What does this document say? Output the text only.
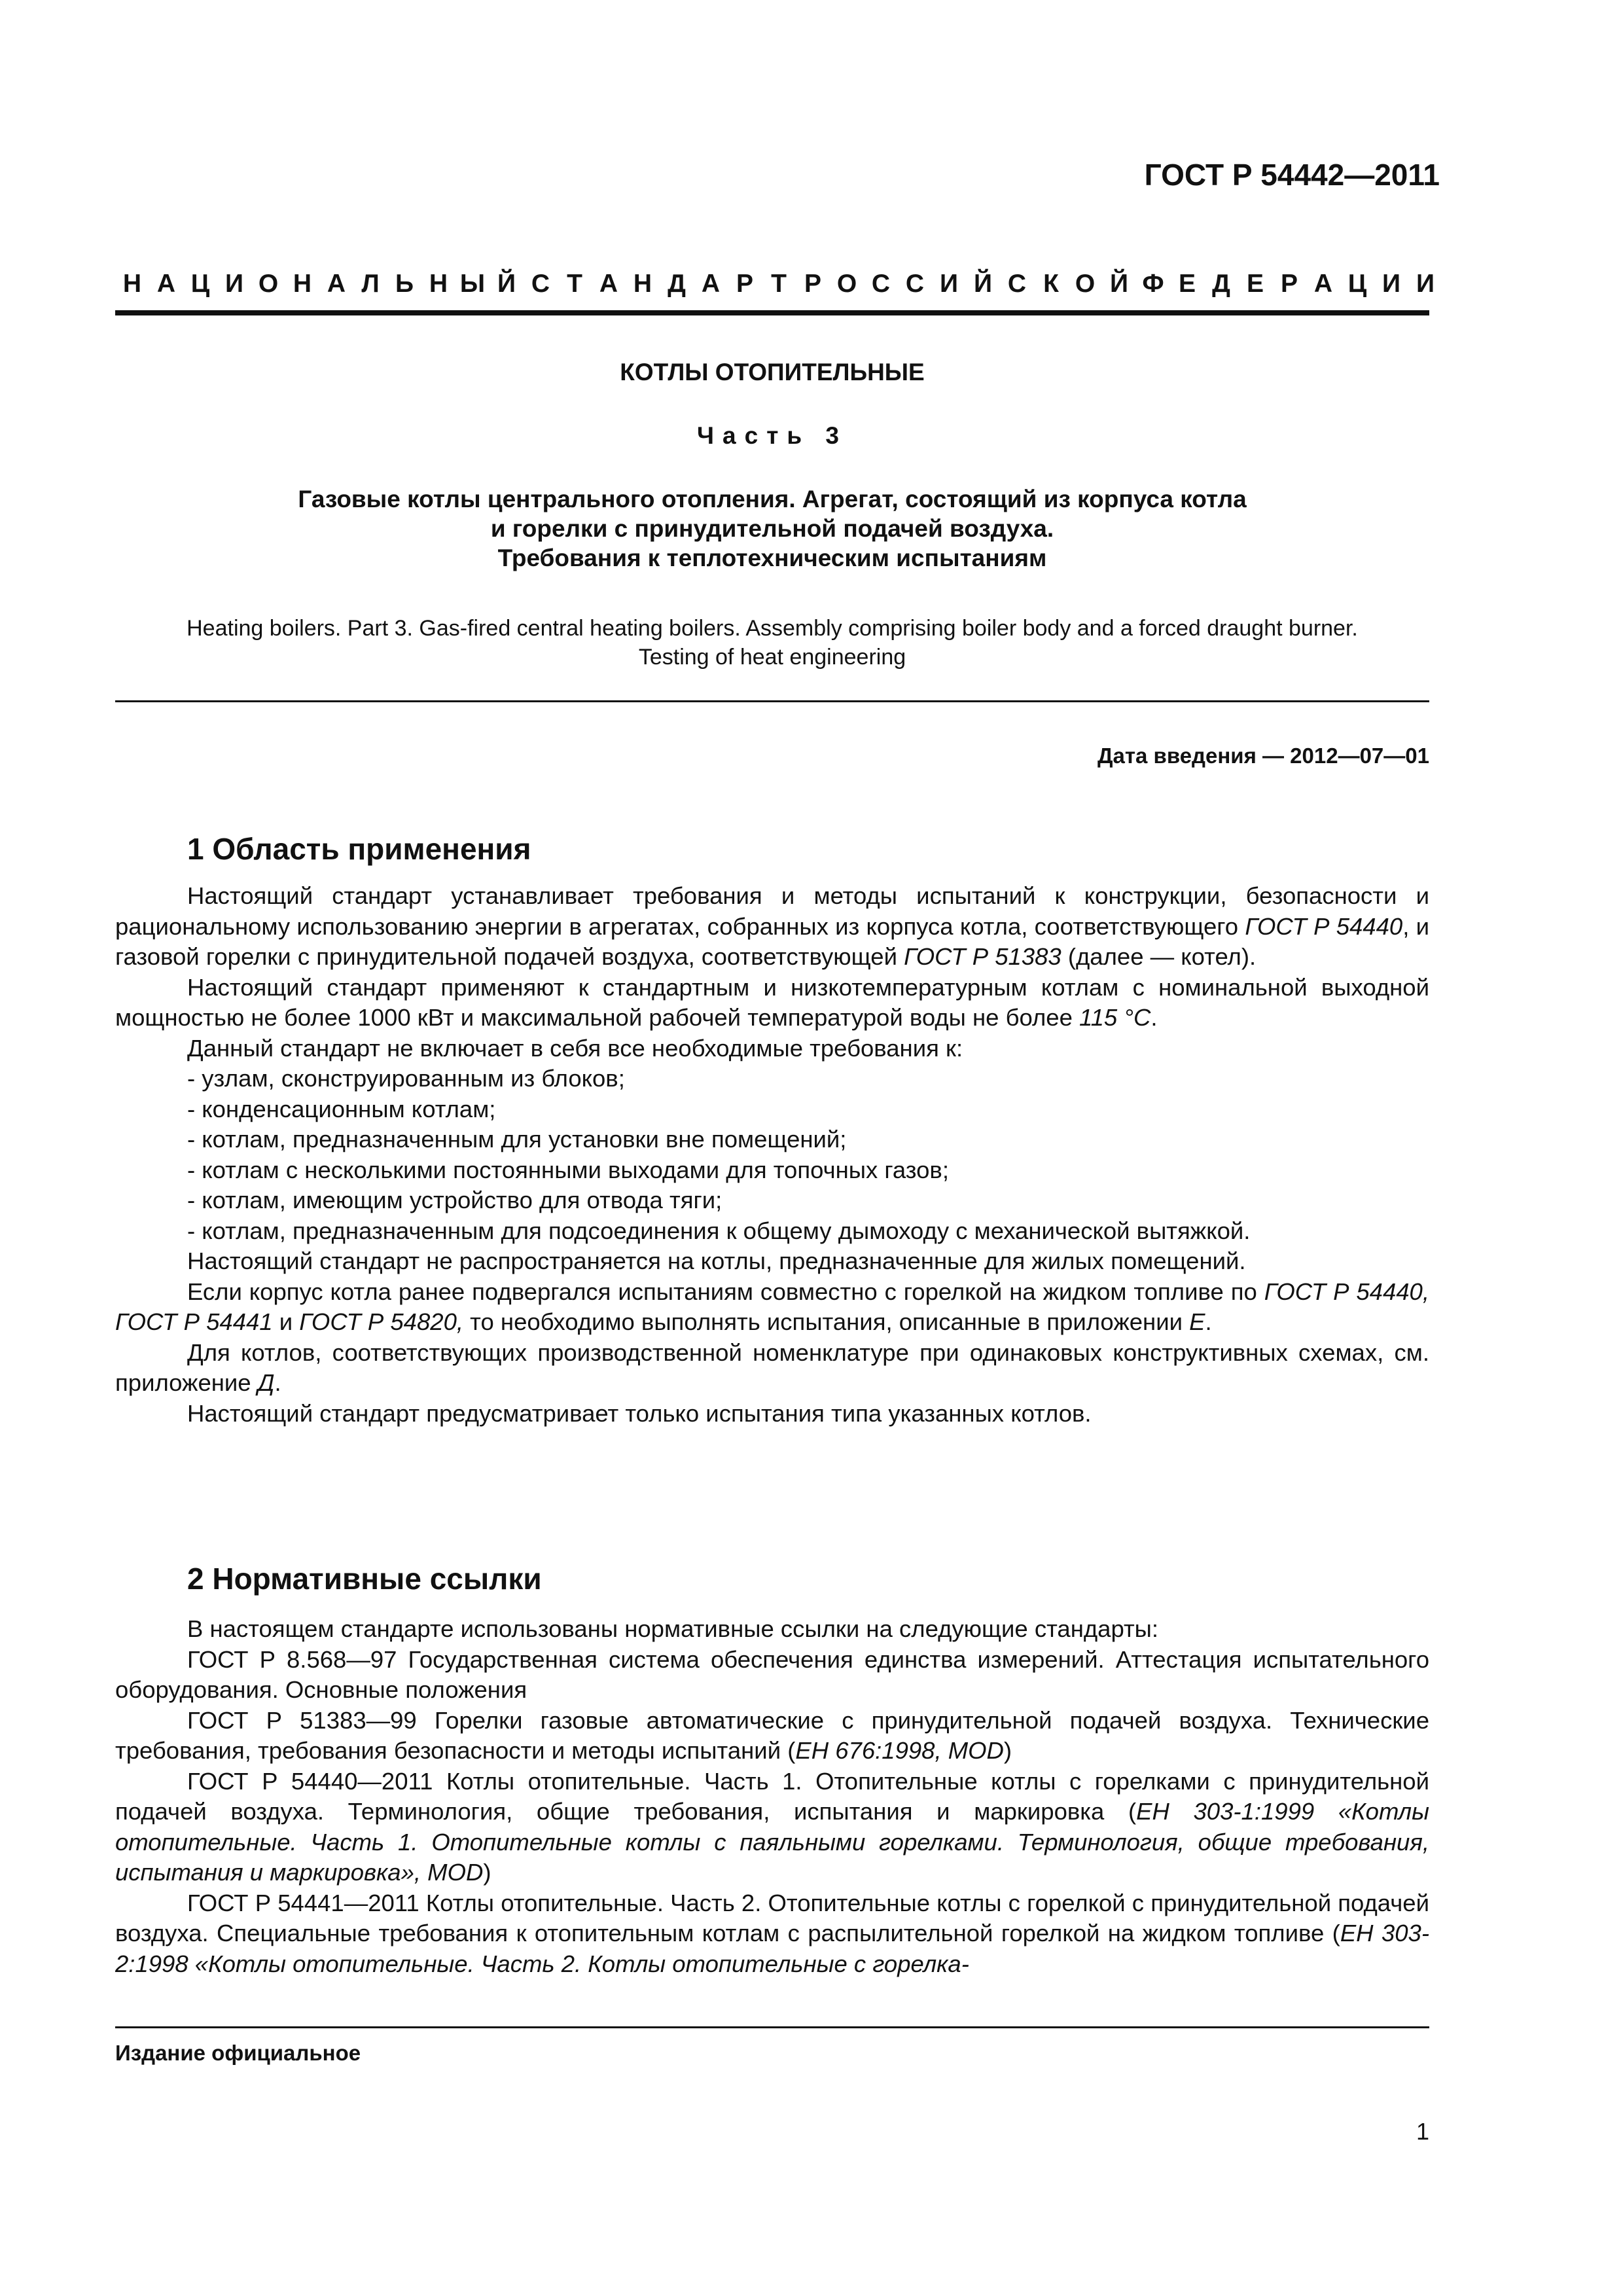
ГОСТ Р 54442—2011
Н А Ц И О Н А Л Ь Н Ы Й С Т А Н Д А Р Т Р О С С И Й С К О Й Ф Е Д Е Р А Ц И И
КОТЛЫ ОТОПИТЕЛЬНЫЕ
Часть 3
Газовые котлы центрального отопления. Агрегат, состоящий из корпуса котла
и горелки с принудительной подачей воздуха.
Требования к теплотехническим испытаниям
Heating boilers. Part 3. Gas-fired central heating boilers. Assembly comprising boiler body and a forced draught burner.
Testing of heat engineering
Дата введения — 2012—07—01
1 Область применения

Настоящий стандарт устанавливает требования и методы испытаний к конструкции, безопасности и рациональному использованию энергии в агрегатах, собранных из корпуса котла, соответствующего ГОСТ Р 54440, и газовой горелки с принудительной подачей воздуха, соответствующей ГОСТ Р 51383 (далее — котел).

Настоящий стандарт применяют к стандартным и низкотемпературным котлам с номинальной выходной мощностью не более 1000 кВт и максимальной рабочей температурой воды не более 115 °С.

Данный стандарт не включает в себя все необходимые требования к:

- узлам, сконструированным из блоков;

- конденсационным котлам;

- котлам, предназначенным для установки вне помещений;

- котлам с несколькими постоянными выходами для топочных газов;

- котлам, имеющим устройство для отвода тяги;

- котлам, предназначенным для подсоединения к общему дымоходу с механической вытяжкой.

Настоящий стандарт не распространяется на котлы, предназначенные для жилых помещений.

Если корпус котла ранее подвергался испытаниям совместно с горелкой на жидком топливе по ГОСТ Р 54440, ГОСТ Р 54441 и ГОСТ Р 54820, то необходимо выполнять испытания, описанные в приложении Е.

Для котлов, соответствующих производственной номенклатуре при одинаковых конструктивных схемах, см. приложение Д.

Настоящий стандарт предусматривает только испытания типа указанных котлов.

2 Нормативные ссылки

В настоящем стандарте использованы нормативные ссылки на следующие стандарты:

ГОСТ Р 8.568—97 Государственная система обеспечения единства измерений. Аттестация испытательного оборудования. Основные положения

ГОСТ Р 51383—99 Горелки газовые автоматические с принудительной подачей воздуха. Технические требования, требования безопасности и методы испытаний (ЕН 676:1998, MOD)

ГОСТ Р 54440—2011 Котлы отопительные. Часть 1. Отопительные котлы с горелками с принудительной подачей воздуха. Терминология, общие требования, испытания и маркировка (ЕН 303-1:1999 «Котлы отопительные. Часть 1. Отопительные котлы с паяльными горелками. Терминология, общие требования, испытания и маркировка», MOD)

ГОСТ Р 54441—2011 Котлы отопительные. Часть 2. Отопительные котлы с горелкой с принудительной подачей воздуха. Специальные требования к отопительным котлам с распылительной горелкой на жидком топливе (ЕН 303-2:1998 «Котлы отопительные. Часть 2. Котлы отопительные с горелка-

Издание официальное
1
